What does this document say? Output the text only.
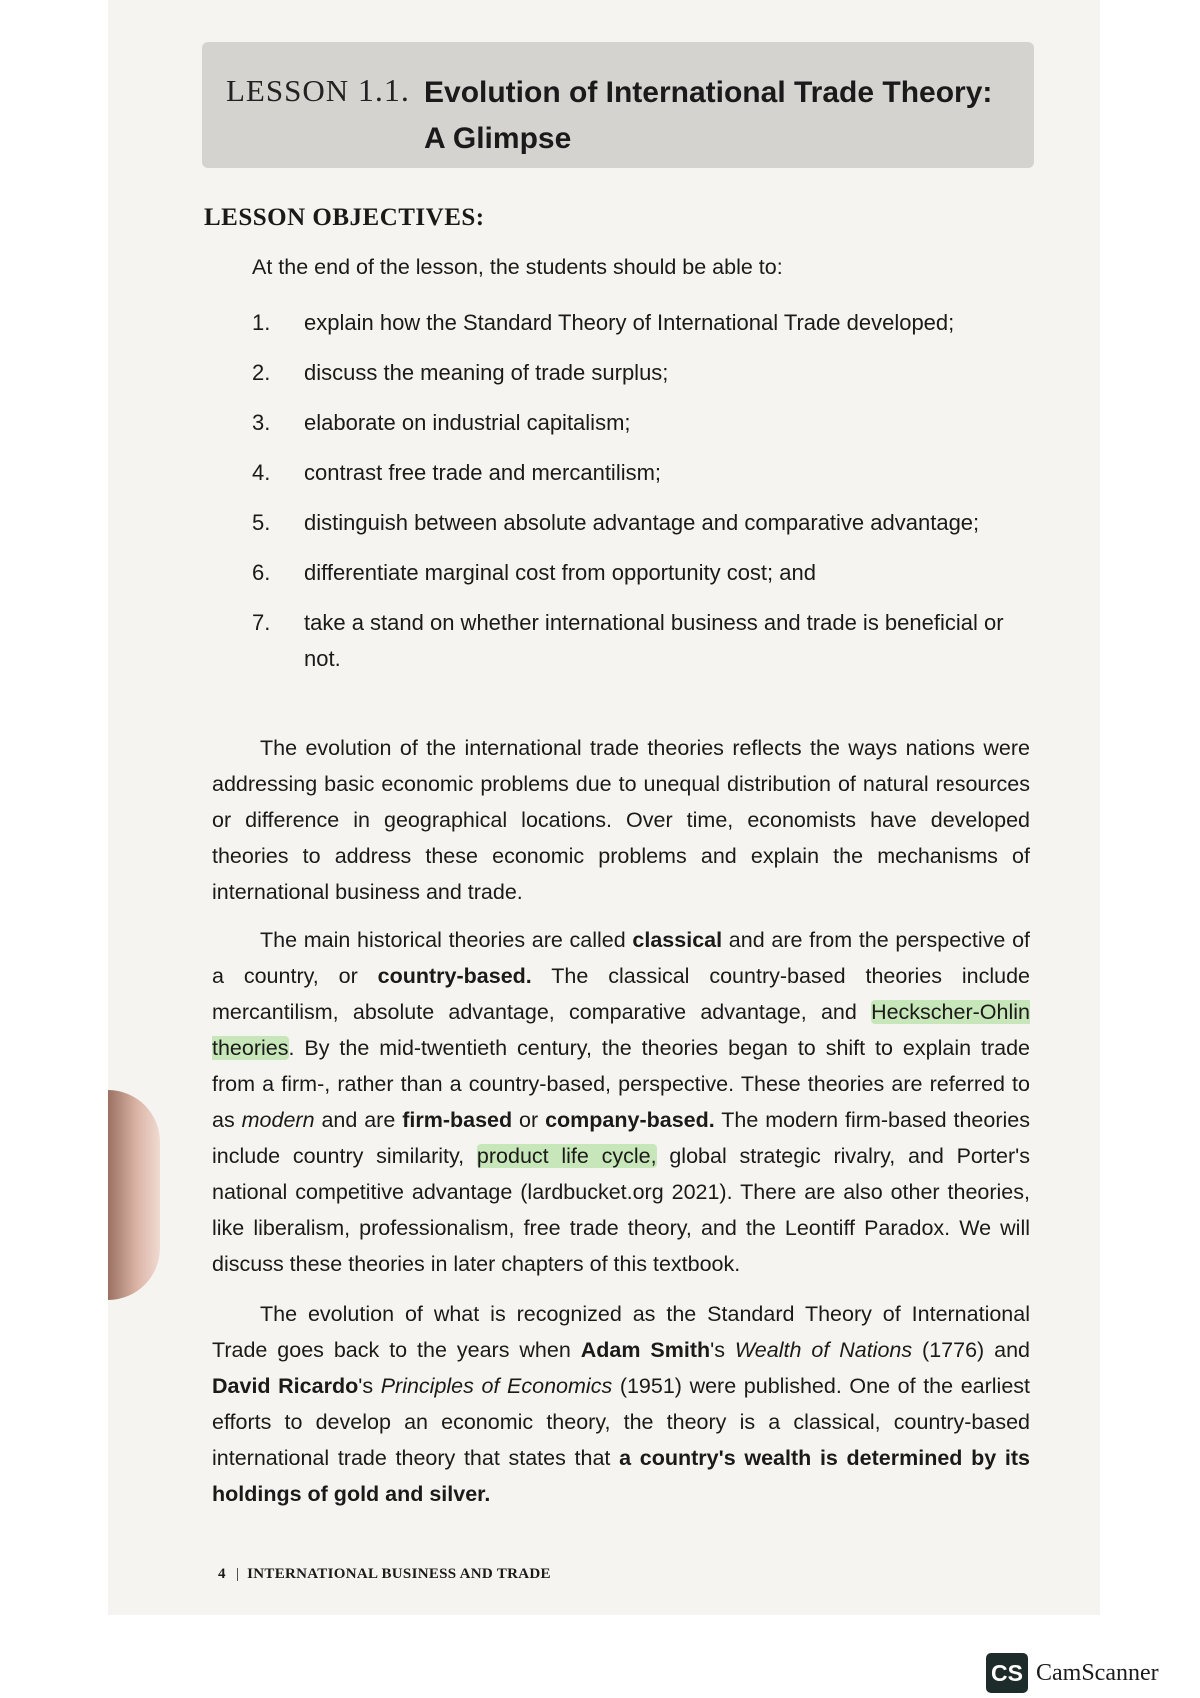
LESSON 1.1. Evolution of International Trade Theory:
A Glimpse
LESSON OBJECTIVES:
At the end of the lesson, the students should be able to:
1. explain how the Standard Theory of International Trade developed;
2. discuss the meaning of trade surplus;
3. elaborate on industrial capitalism;
4. contrast free trade and mercantilism;
5. distinguish between absolute advantage and comparative advantage;
6. differentiate marginal cost from opportunity cost; and
7. take a stand on whether international business and trade is beneficial or not.

The evolution of the international trade theories reflects the ways nations were addressing basic economic problems due to unequal distribution of natural resources or difference in geographical locations. Over time, economists have developed theories to address these economic problems and explain the mechanisms of international business and trade.

The main historical theories are called classical and are from the perspective of a country, or country-based. The classical country-based theories include mercantilism, absolute advantage, comparative advantage, and Heckscher-Ohlin theories. By the mid-twentieth century, the theories began to shift to explain trade from a firm-, rather than a country-based, perspective. These theories are referred to as modern and are firm-based or company-based. The modern firm-based theories include country similarity, product life cycle, global strategic rivalry, and Porter's national competitive advantage (lardbucket.org 2021). There are also other theories, like liberalism, professionalism, free trade theory, and the Leontiff Paradox. We will discuss these theories in later chapters of this textbook.

The evolution of what is recognized as the Standard Theory of International Trade goes back to the years when Adam Smith's Wealth of Nations (1776) and David Ricardo's Principles of Economics (1951) were published. One of the earliest efforts to develop an economic theory, the theory is a classical, country-based international trade theory that states that a country's wealth is determined by its holdings of gold and silver.

4 | INTERNATIONAL BUSINESS AND TRADE
CS CamScanner
